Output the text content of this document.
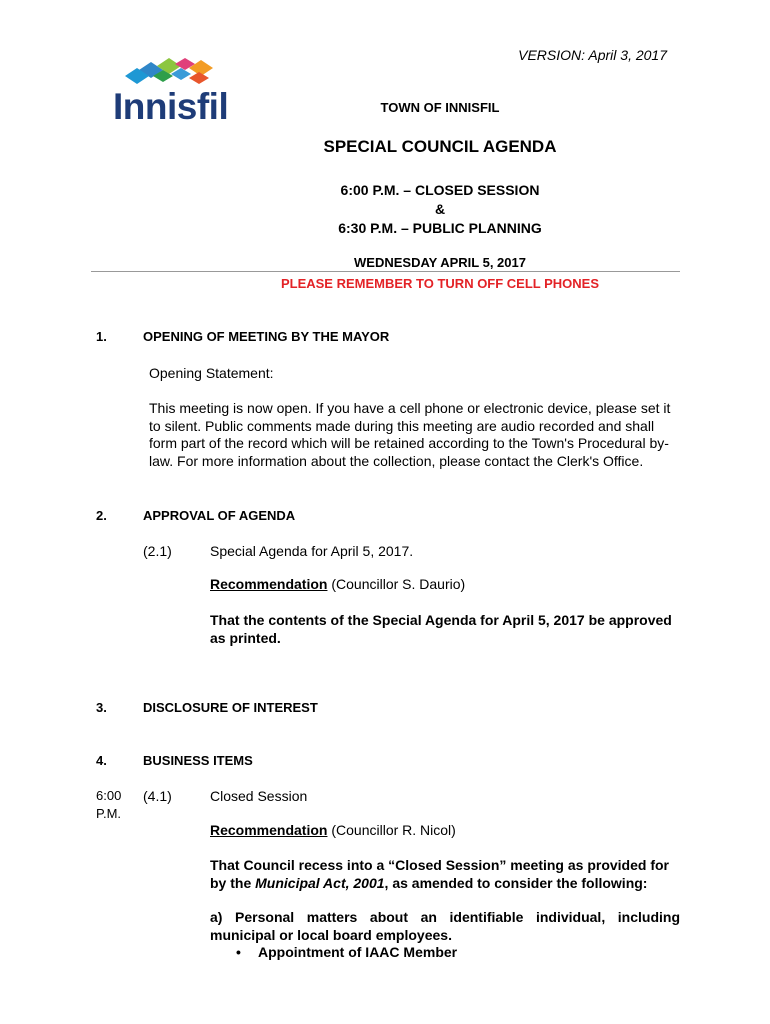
VERSION: April 3, 2017
Innisfil	TOWN OF INNISFIL
SPECIAL COUNCIL AGENDA
6:00 P.M. – CLOSED SESSION
&
6:30 P.M. – PUBLIC PLANNING
WEDNESDAY APRIL 5, 2017
PLEASE REMEMBER TO TURN OFF CELL PHONES
1.	OPENING OF MEETING BY THE MAYOR
Opening Statement:
This meeting is now open. If you have a cell phone or electronic device, please set it to silent. Public comments made during this meeting are audio recorded and shall form part of the record which will be retained according to the Town's Procedural by-law. For more information about the collection, please contact the Clerk's Office.
2.	APPROVAL OF AGENDA
(2.1)	Special Agenda for April 5, 2017.
Recommendation (Councillor S. Daurio)
That the contents of the Special Agenda for April 5, 2017 be approved as printed.
3.	DISCLOSURE OF INTEREST
4.	BUSINESS ITEMS
6:00
P.M.
(4.1)	Closed Session
Recommendation (Councillor R. Nicol)
That Council recess into a “Closed Session” meeting as provided for by the Municipal Act, 2001, as amended to consider the following:
a) Personal matters about an identifiable individual, including municipal or local board employees.
• Appointment of IAAC Member
